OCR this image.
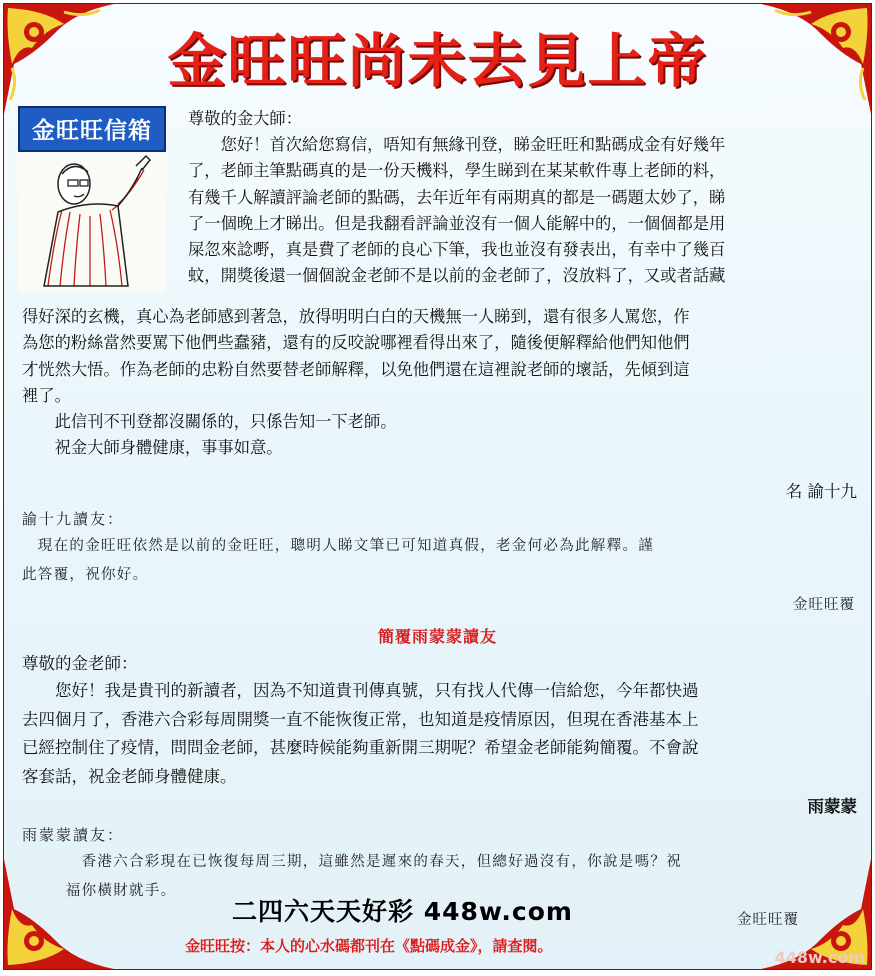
金旺旺尚未去見上帝
金旺旺信箱	尊敬的金大師：
您好！首次給您寫信，唔知有無緣刊登，睇金旺旺和點碼成金有好幾年
了，老師主筆點碼真的是一份天機料，學生睇到在某某軟件專上老師的料，
有幾千人解讀評論老師的點碼，去年近年有兩期真的都是一碼題太妙了，睇
了一個晚上才睇出。但是我翻看評論並沒有一個人能解中的，一個個都是用
屎忽來諗嘢，真是費了老師的良心下筆，我也並沒有發表出，有幸中了幾百
蚊，開獎後還一個個說金老師不是以前的金老師了，沒放料了，又或者話藏
得好深的玄機，真心為老師感到著急，放得明明白白的天機無一人睇到，還有很多人罵您，作
為您的粉絲當然要罵下他們些蠢豬，還有的反咬說哪裡看得出來了，隨後便解釋給他們知他們
才恍然大悟。作為老師的忠粉自然要替老師解釋，以免他們還在這裡說老師的壞話，先傾到這
裡了。
此信刊不刊登都沒關係的，只係告知一下老師。
祝金大師身體健康，事事如意。
名 諭十九
諭十九讀友：
　現在的金旺旺依然是以前的金旺旺，聰明人睇文筆已可知道真假，老金何必為此解釋。謹
此答覆，祝你好。
金旺旺覆
簡覆雨蒙蒙讀友
尊敬的金老師：
　　您好！我是貴刊的新讀者，因為不知道貴刊傳真號，只有找人代傳一信給您，今年都快過
去四個月了，香港六合彩每周開獎一直不能恢復正常，也知道是疫情原因，但現在香港基本上
已經控制住了疫情，問問金老師，甚麼時候能夠重新開三期呢？希望金老師能夠簡覆。不會說
客套話，祝金老師身體健康。
雨蒙蒙
雨蒙蒙讀友：
　　香港六合彩現在已恢復每周三期，這雖然是遲來的春天，但總好過沒有，你說是嗎？祝
　福你橫財就手。
金旺旺覆
二四六天天好彩 448w.com
金旺旺按：本人的心水碼都刊在《點碼成金》，請查閱。
448w.com
